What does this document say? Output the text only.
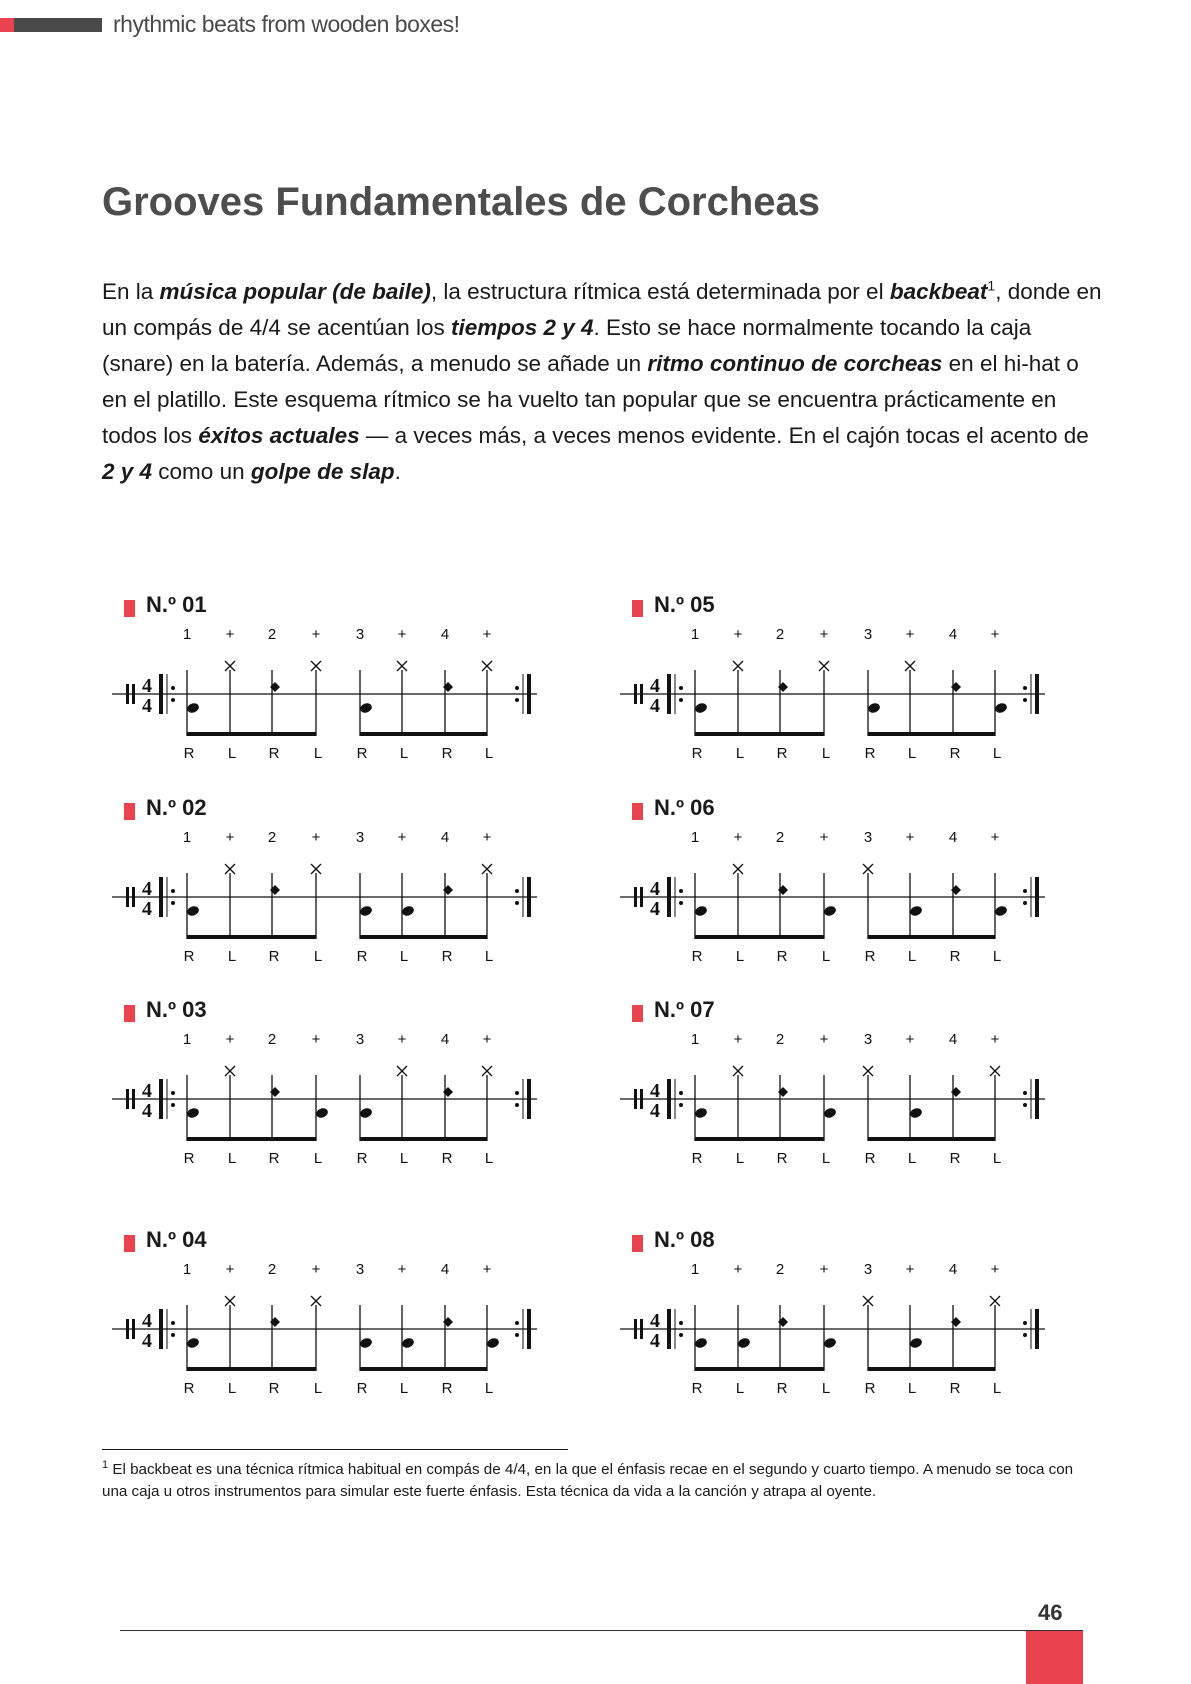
rhythmic beats from wooden boxes!
Grooves Fundamentales de Corcheas

En la música popular (de baile), la estructura rítmica está determinada por el backbeat$^1$, donde en un compás de 4/4 se acentúan los tiempos 2 y 4. Esto se hace normalmente tocando la caja (snare) en la batería. Además, a menudo se añade un ritmo continuo de corcheas en el hi-hat o en el platillo. Este esquema rítmico se ha vuelto tan popular que se encuentra prácticamente en todos los éxitos actuales — a veces más, a veces menos evidente. En el cajón tocas el acento de 2 y 4 como un golpe de slap.

N.º 01
1 + 2 + 3 + 4 +
4
4
R L R L R L R L
N.º 05
1 + 2 + 3 + 4 +
4
4
R L R L R L R L
N.º 02
1 + 2 + 3 + 4 +
4
4
R L R L R L R L
N.º 06
1 + 2 + 3 + 4 +
4
4
R L R L R L R L
N.º 03
1 + 2 + 3 + 4 +
4
4
R L R L R L R L
N.º 07
1 + 2 + 3 + 4 +
4
4
R L R L R L R L
N.º 04
1 + 2 + 3 + 4 +
4
4
R L R L R L R L
N.º 08
1 + 2 + 3 + 4 +
4
4
R L R L R L R L

$^1$ El backbeat es una técnica rítmica habitual en compás de 4/4, en la que el énfasis recae en el segundo y cuarto tiempo. A menudo se toca con una caja u otros instrumentos para simular este fuerte énfasis. Esta técnica da vida a la canción y atrapa al oyente.

46
